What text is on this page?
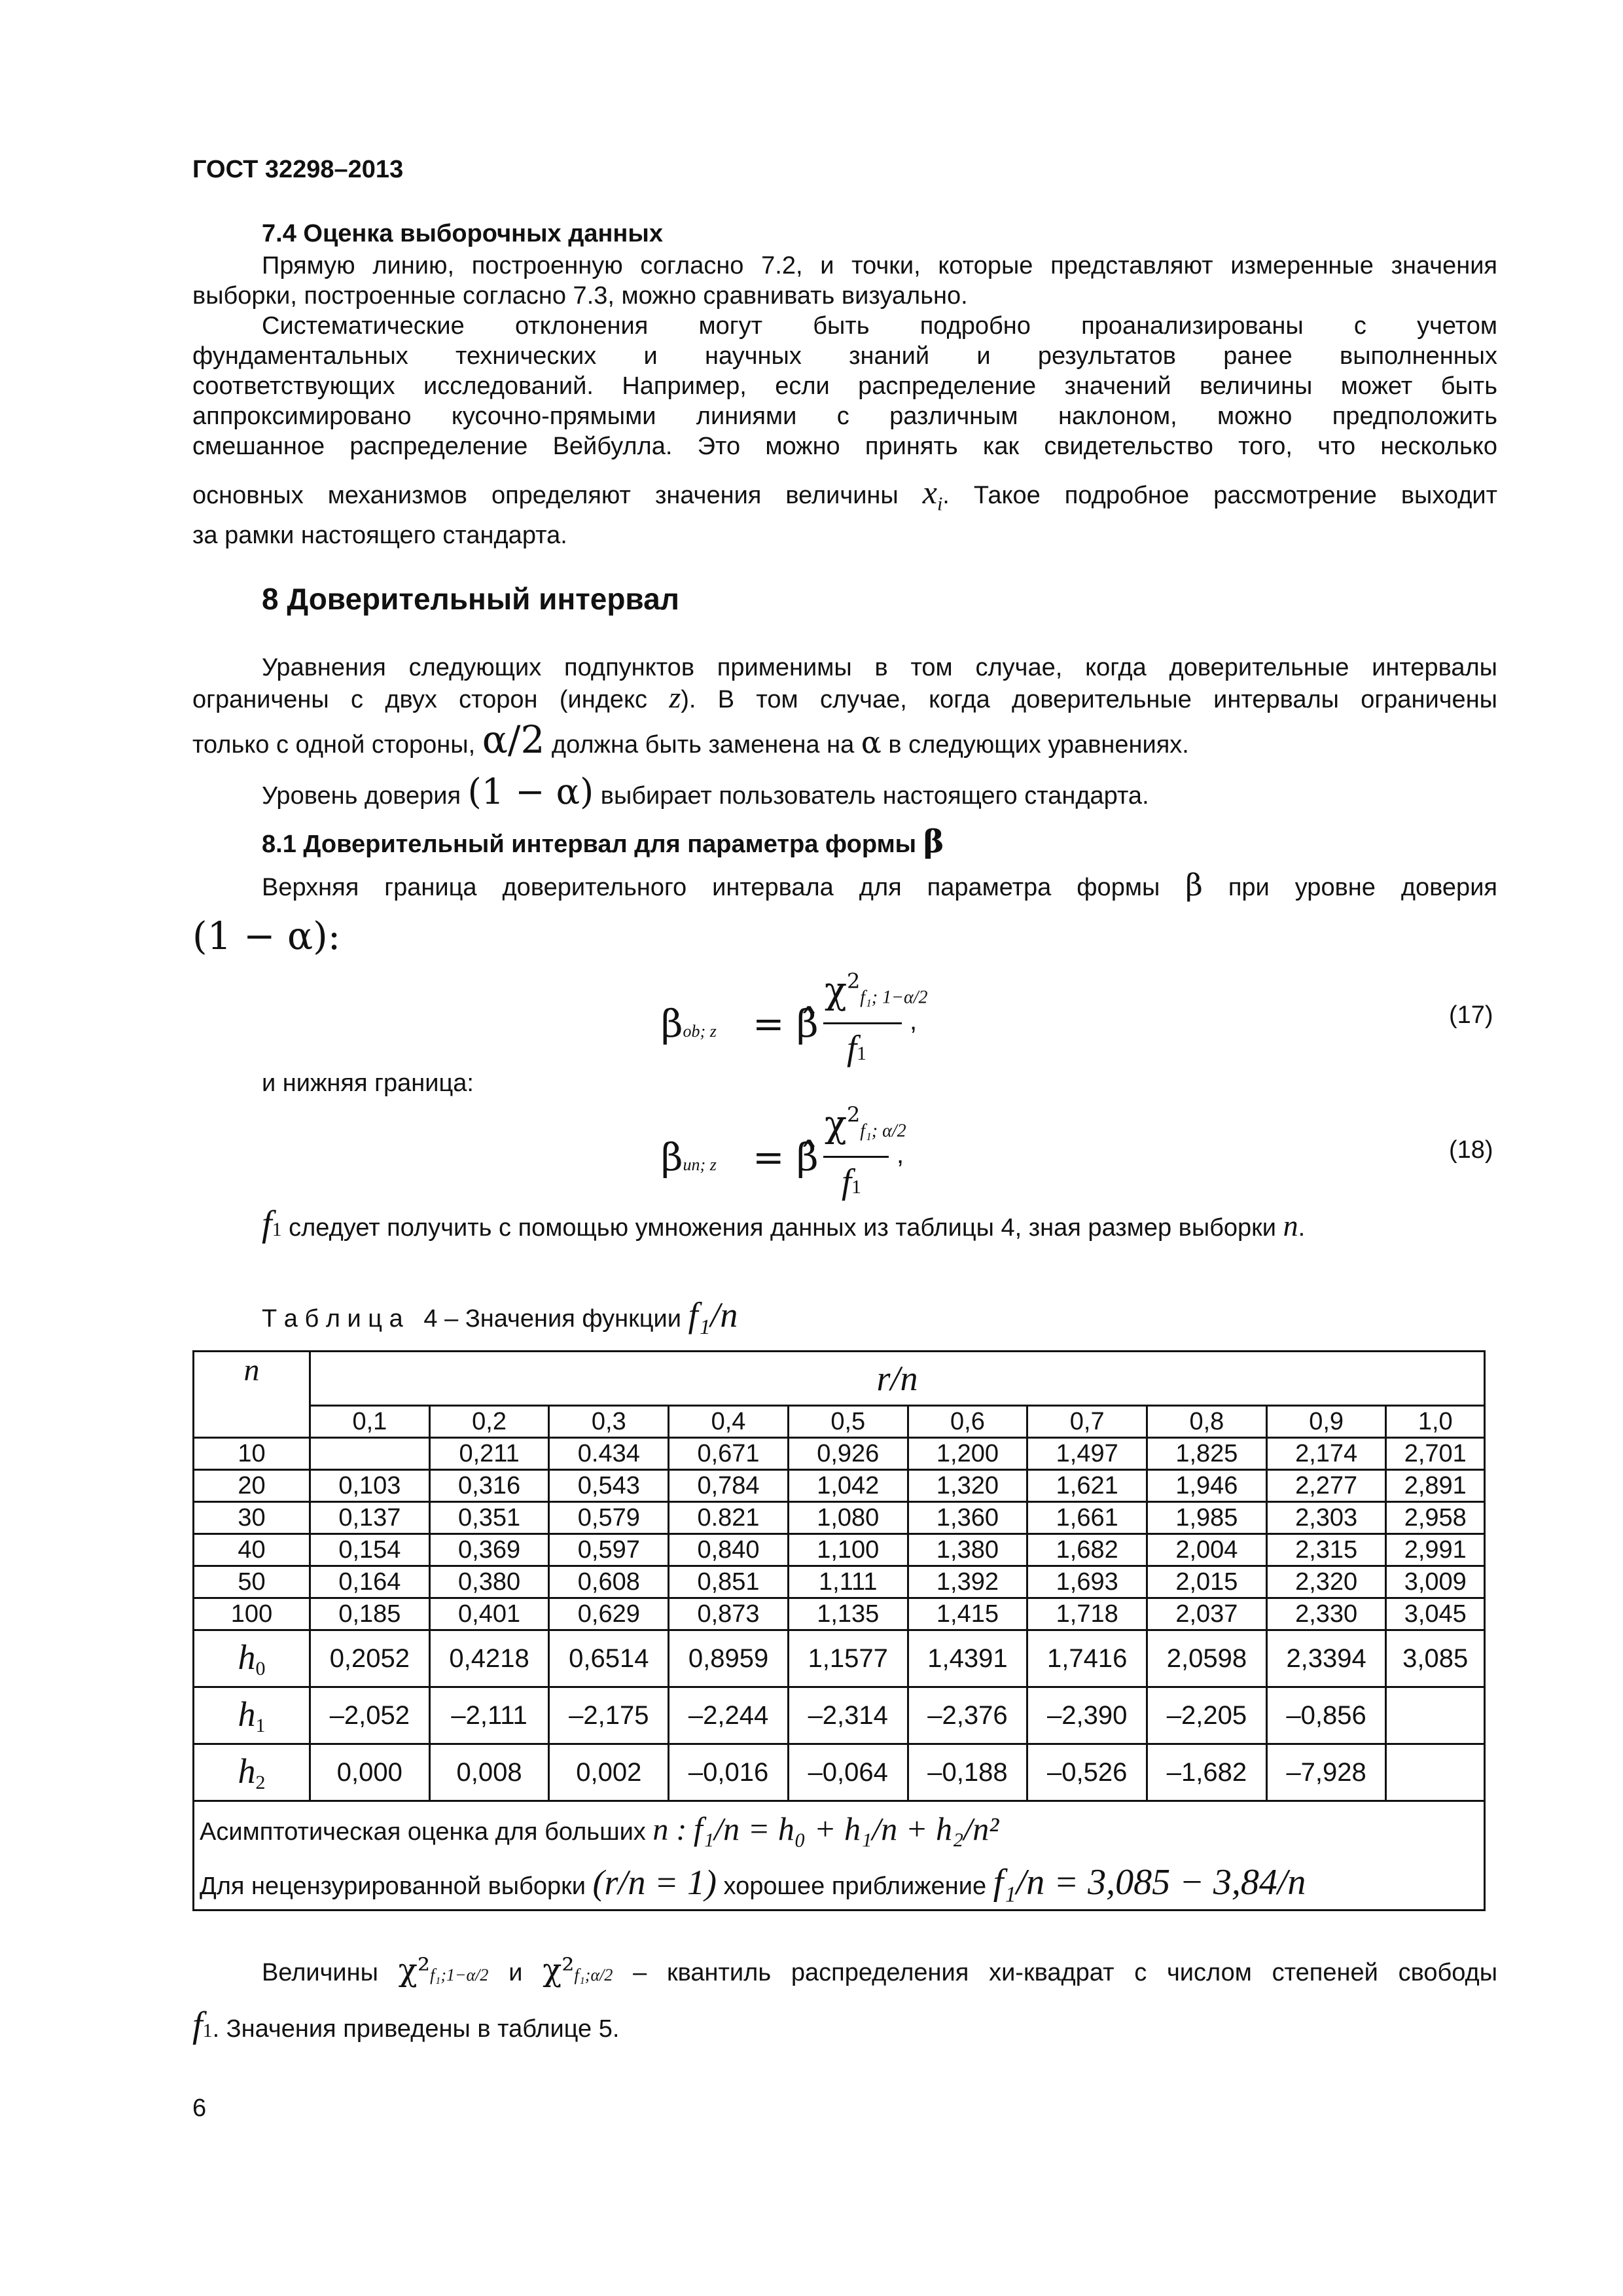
ГОСТ 32298–2013
7.4 Оценка выборочных данных
Прямую линию, построенную согласно 7.2, и точки, которые представляют измеренные значения
выборки, построенные согласно 7.3, можно сравнивать визуально.
Систематические отклонения могут быть подробно проанализированы с учетом
фундаментальных технических и научных знаний и результатов ранее выполненных
соответствующих исследований. Например, если распределение значений величины может быть
аппроксимировано кусочно-прямыми линиями с различным наклоном, можно предположить
смешанное распределение Вейбулла. Это можно принять как свидетельство того, что несколько
основных механизмов определяют значения величины $x_i$. Такое подробное рассмотрение выходит
за рамки настоящего стандарта.
8 Доверительный интервал
Уравнения следующих подпунктов применимы в том случае, когда доверительные интервалы
ограничены с двух сторон (индекс z). В том случае, когда доверительные интервалы ограничены
только с одной стороны, α/2 должна быть заменена на α в следующих уравнениях.
Уровень доверия (1 − α) выбирает пользователь настоящего стандарта.
8.1 Доверительный интервал для параметра формы β
Верхняя граница доверительного интервала для параметра формы β при уровне доверия
(1 − α):
βob; z = β̂
$\chi^2f_1$; 1−α/2
f1
,	(17)
и нижняя граница:
βun; z = β̂
$\chi^2f_1$; α/2
f1
,	(18)
f1 следует получить с помощью умножения данных из таблицы 4, зная размер выборки n.
Т а б л и ц а   4 – Значения функции f₁/n
n	r/n									
	0,1	0,2	0,3	0,4	0,5	0,6	0,7	0,8	0,9	1,0
10		0,211	0.434	0,671	0,926	1,200	1,497	1,825	2,174	2,701
20	0,103	0,316	0,543	0,784	1,042	1,320	1,621	1,946	2,277	2,891
30	0,137	0,351	0,579	0.821	1,080	1,360	1,661	1,985	2,303	2,958
40	0,154	0,369	0,597	0,840	1,100	1,380	1,682	2,004	2,315	2,991
50	0,164	0,380	0,608	0,851	1,111	1,392	1,693	2,015	2,320	3,009
100	0,185	0,401	0,629	0,873	1,135	1,415	1,718	2,037	2,330	3,045
h0	0,2052	0,4218	0,6514	0,8959	1,1577	1,4391	1,7416	2,0598	2,3394	3,085
h1	–2,052	–2,111	–2,175	–2,244	–2,314	–2,376	–2,390	–2,205	–0,856	
h2	0,000	0,008	0,002	–0,016	–0,064	–0,188	–0,526	–1,682	–7,928	
Асимптотическая оценка для больших n : f₁/n = h₀ + h₁/n + h₂/n²										
Для нецензурированной выборки (r/n = 1) хорошее приближение f₁/n = 3,085 − 3,84/n										
Величины χ²f₁;1−α/2 и χ²f₁;α/2 – квантиль распределения хи-квадрат с числом степеней свободы
f1. Значения приведены в таблице 5.
6
